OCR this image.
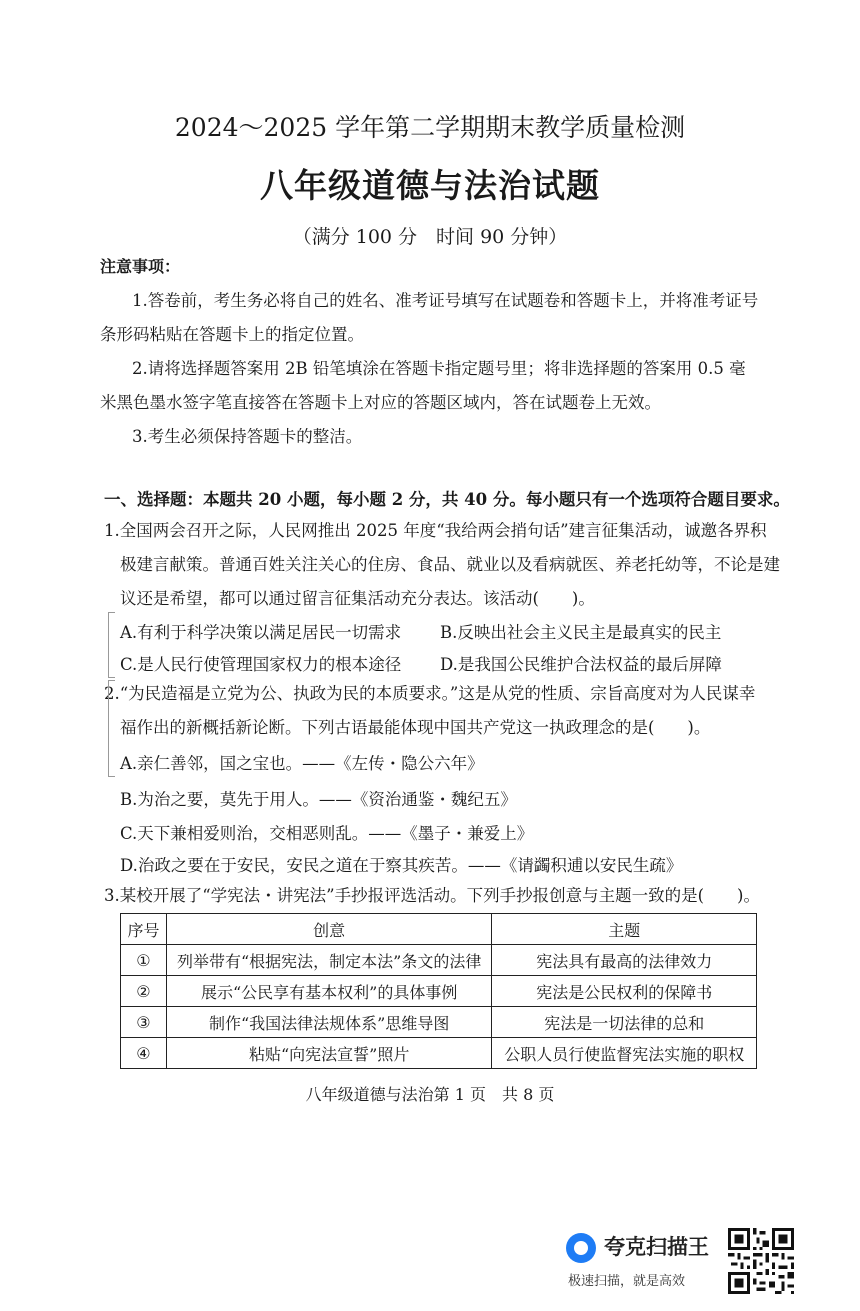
2024～2025 学年第二学期期末教学质量检测
八年级道德与法治试题
（满分 100 分　时间 90 分钟）
注意事项：
1.答卷前，考生务必将自己的姓名、准考证号填写在试题卷和答题卡上，并将准考证号
条形码粘贴在答题卡上的指定位置。
2.请将选择题答案用 2B 铅笔填涂在答题卡指定题号里；将非选择题的答案用 0.5 毫
米黑色墨水签字笔直接答在答题卡上对应的答题区域内，答在试题卷上无效。
3.考生必须保持答题卡的整洁。
一、选择题：本题共 20 小题，每小题 2 分，共 40 分。每小题只有一个选项符合题目要求。
1.全国两会召开之际，人民网推出 2025 年度“我给两会捎句话”建言征集活动，诚邀各界积
极建言献策。普通百姓关注关心的住房、食品、就业以及看病就医、养老托幼等，不论是建
议还是希望，都可以通过留言征集活动充分表达。该活动(　　)。
A.有利于科学决策以满足居民一切需求 B.反映出社会主义民主是最真实的民主
C.是人民行使管理国家权力的根本途径 D.是我国公民维护合法权益的最后屏障
2.“为民造福是立党为公、执政为民的本质要求。”这是从党的性质、宗旨高度对为人民谋幸
福作出的新概括新论断。下列古语最能体现中国共产党这一执政理念的是(　　)。
A.亲仁善邻，国之宝也。——《左传・隐公六年》
B.为治之要，莫先于用人。——《资治通鉴・魏纪五》
C.天下兼相爱则治，交相恶则乱。——《墨子・兼爱上》
D.治政之要在于安民，安民之道在于察其疾苦。——《请蠲积逋以安民生疏》
3.某校开展了“学宪法・讲宪法”手抄报评选活动。下列手抄报创意与主题一致的是(　　)。
序号	创意	主题
①	列举带有“根据宪法，制定本法”条文的法律	宪法具有最高的法律效力
②	展示“公民享有基本权利”的具体事例	宪法是公民权利的保障书
③	制作“我国法律法规体系”思维导图	宪法是一切法律的总和
④	粘贴“向宪法宣誓”照片	公职人员行使监督宪法实施的职权
八年级道德与法治第 1 页　共 8 页
夸克扫描王
极速扫描，就是高效
